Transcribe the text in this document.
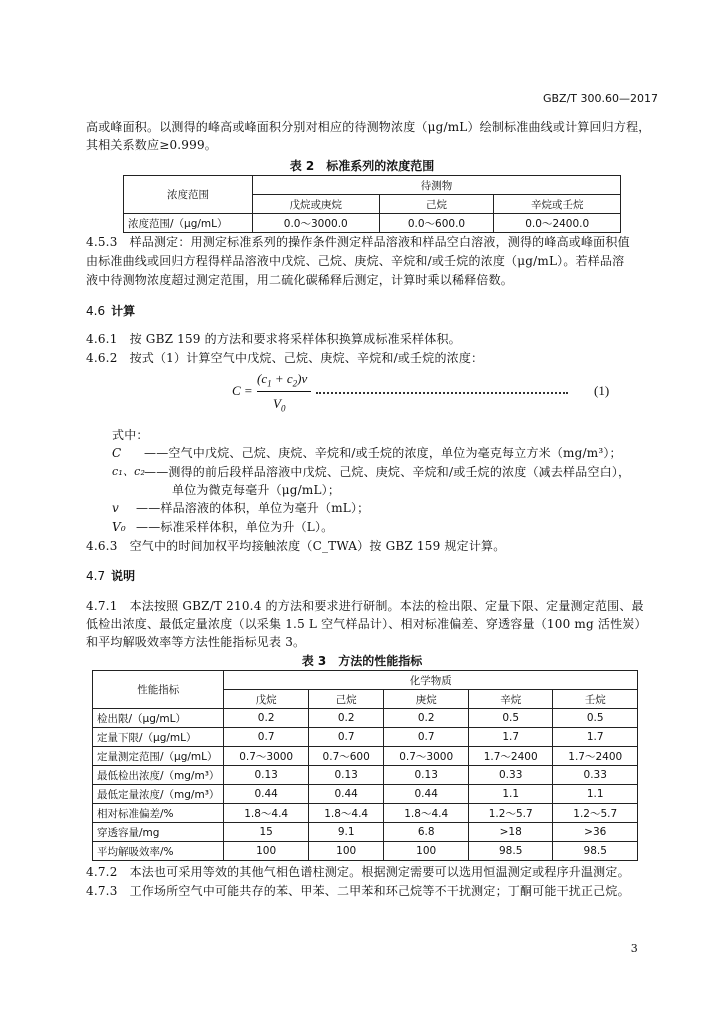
GBZ/T 300.60—2017
高或峰面积。以测得的峰高或峰面积分别对相应的待测物浓度（μg/mL）绘制标准曲线或计算回归方程，
其相关系数应≥0.999。
表 2　标准系列的浓度范围
浓度范围	待测物		
	戊烷或庚烷	己烷	辛烷或壬烷
浓度范围/（μg/mL）	0.0～3000.0	0.0～600.0	0.0～2400.0
4.5.3 样品测定：用测定标准系列的操作条件测定样品溶液和样品空白溶液，测得的峰高或峰面积值
由标准曲线或回归方程得样品溶液中戊烷、己烷、庚烷、辛烷和/或壬烷的浓度（μg/mL）。若样品溶
液中待测物浓度超过测定范围，用二硫化碳稀释后测定，计算时乘以稀释倍数。
4.6 计算
4.6.1 按 GBZ 159 的方法和要求将采样体积换算成标准采样体积。
4.6.2 按式（1）计算空气中戊烷、己烷、庚烷、辛烷和/或壬烷的浓度：
C =
$(c_1 + c_2)v$
$V_0$
(1)
式中：
C ——空气中戊烷、己烷、庚烷、辛烷和/或壬烷的浓度，单位为毫克每立方米（mg/m³）；
c₁、c₂
——测得的前后段样品溶液中戊烷、己烷、庚烷、辛烷和/或壬烷的浓度（减去样品空白），
单位为微克每毫升（μg/mL）；
v ——样品溶液的体积，单位为毫升（mL）；
V₀ ——标准采样体积，单位为升（L）。
4.6.3 空气中的时间加权平均接触浓度（C_TWA）按 GBZ 159 规定计算。
4.7 说明
4.7.1 本法按照 GBZ/T 210.4 的方法和要求进行研制。本法的检出限、定量下限、定量测定范围、最
低检出浓度、最低定量浓度（以采集 1.5 L 空气样品计）、相对标准偏差、穿透容量（100 mg 活性炭）
和平均解吸效率等方法性能指标见表 3。
表 3　方法的性能指标
性能指标	化学物质				
	戊烷	己烷	庚烷	辛烷	壬烷
检出限/（μg/mL）	0.2	0.2	0.2	0.5	0.5
定量下限/（μg/mL）	0.7	0.7	0.7	1.7	1.7
定量测定范围/（μg/mL）	0.7～3000	0.7～600	0.7～3000	1.7～2400	1.7～2400
最低检出浓度/（mg/m³）	0.13	0.13	0.13	0.33	0.33
最低定量浓度/（mg/m³）	0.44	0.44	0.44	1.1	1.1
相对标准偏差/%	1.8～4.4	1.8～4.4	1.8～4.4	1.2～5.7	1.2～5.7
穿透容量/mg	15	9.1	6.8	>18	>36
平均解吸效率/%	100	100	100	98.5	98.5
4.7.2 本法也可采用等效的其他气相色谱柱测定。根据测定需要可以选用恒温测定或程序升温测定。
4.7.3 工作场所空气中可能共存的苯、甲苯、二甲苯和环己烷等不干扰测定；丁酮可能干扰正己烷。
3
